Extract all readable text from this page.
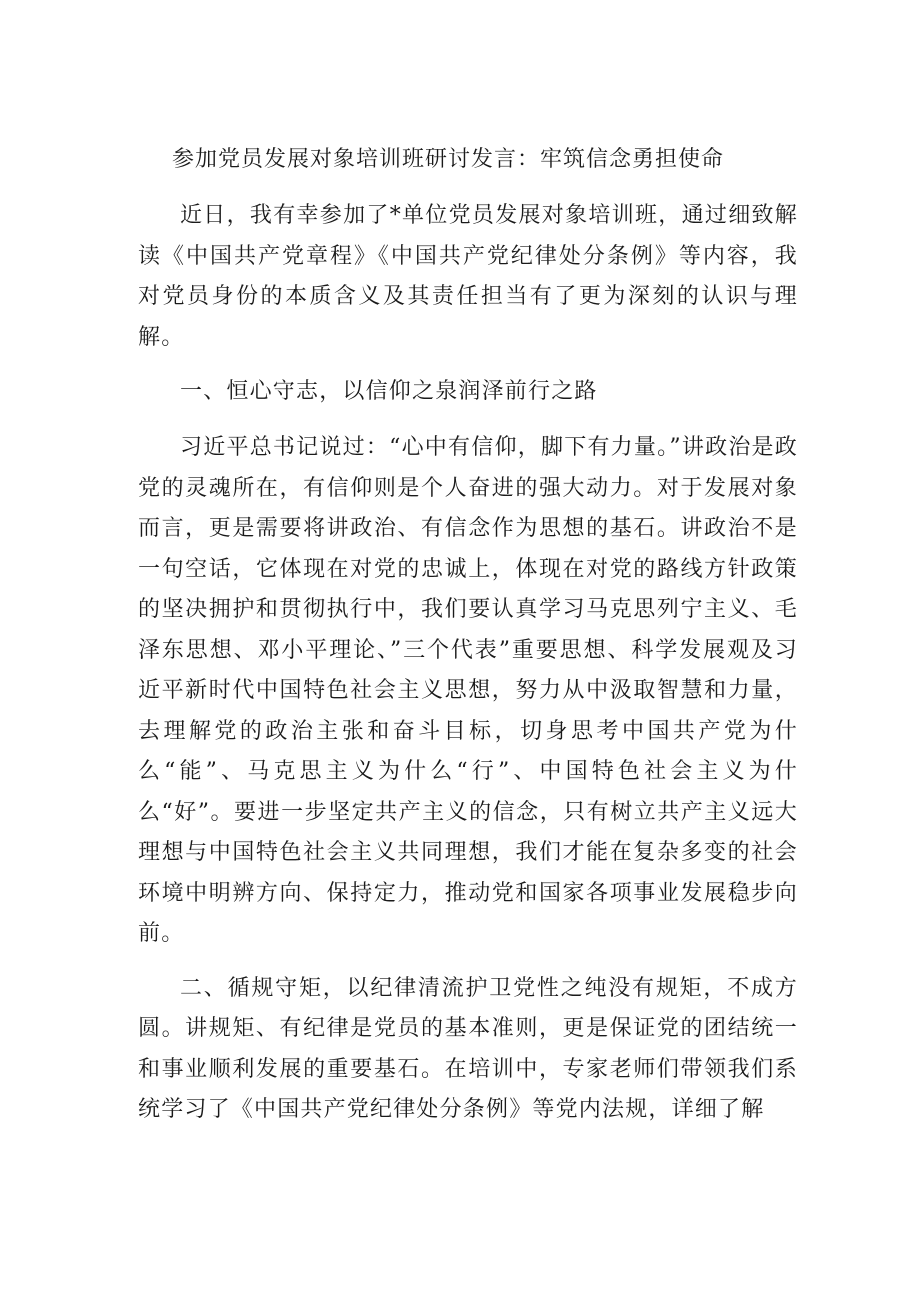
参加党员发展对象培训班研讨发言：牢筑信念勇担使命

近日，我有幸参加了*单位党员发展对象培训班，通过细致解读《中国共产党章程》《中国共产党纪律处分条例》等内容，我对党员身份的本质含义及其责任担当有了更为深刻的认识与理解。

一、恒心守志，以信仰之泉润泽前行之路

习近平总书记说过：“心中有信仰，脚下有力量。”讲政治是政党的灵魂所在，有信仰则是个人奋进的强大动力。对于发展对象而言，更是需要将讲政治、有信念作为思想的基石。讲政治不是一句空话，它体现在对党的忠诚上，体现在对党的路线方针政策的坚决拥护和贯彻执行中，我们要认真学习马克思列宁主义、毛泽东思想、邓小平理论、”三个代表”重要思想、科学发展观及习近平新时代中国特色社会主义思想，努力从中汲取智慧和力量，去理解党的政治主张和奋斗目标，切身思考中国共产党为什么“能”、马克思主义为什么“行”、中国特色社会主义为什么“好”。要进一步坚定共产主义的信念，只有树立共产主义远大理想与中国特色社会主义共同理想，我们才能在复杂多变的社会环境中明辨方向、保持定力，推动党和国家各项事业发展稳步向前。

二、循规守矩，以纪律清流护卫党性之纯没有规矩，不成方圆。讲规矩、有纪律是党员的基本准则，更是保证党的团结统一和事业顺利发展的重要基石。在培训中，专家老师们带领我们系统学习了《中国共产党纪律处分条例》等党内法规，详细了解
